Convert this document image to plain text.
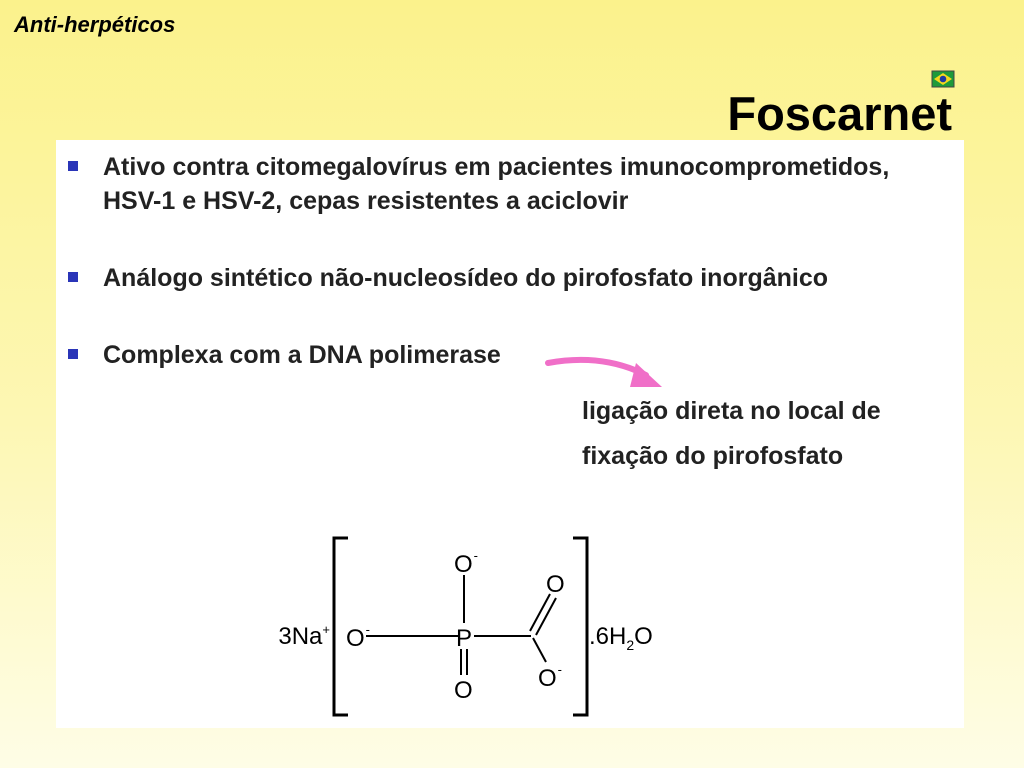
Anti-herpéticos
Foscarnet
Ativo contra citomegalovírus em pacientes imunocomprometidos,
HSV-1 e HSV-2, cepas resistentes a aciclovir
Análogo sintético não-nucleosídeo do pirofosfato inorgânico
Complexa com a DNA polimerase
ligação direta no local de
fixação do pirofosfato
3Na+ O-
O-
P
O
O
O-
$.6H_2O$
